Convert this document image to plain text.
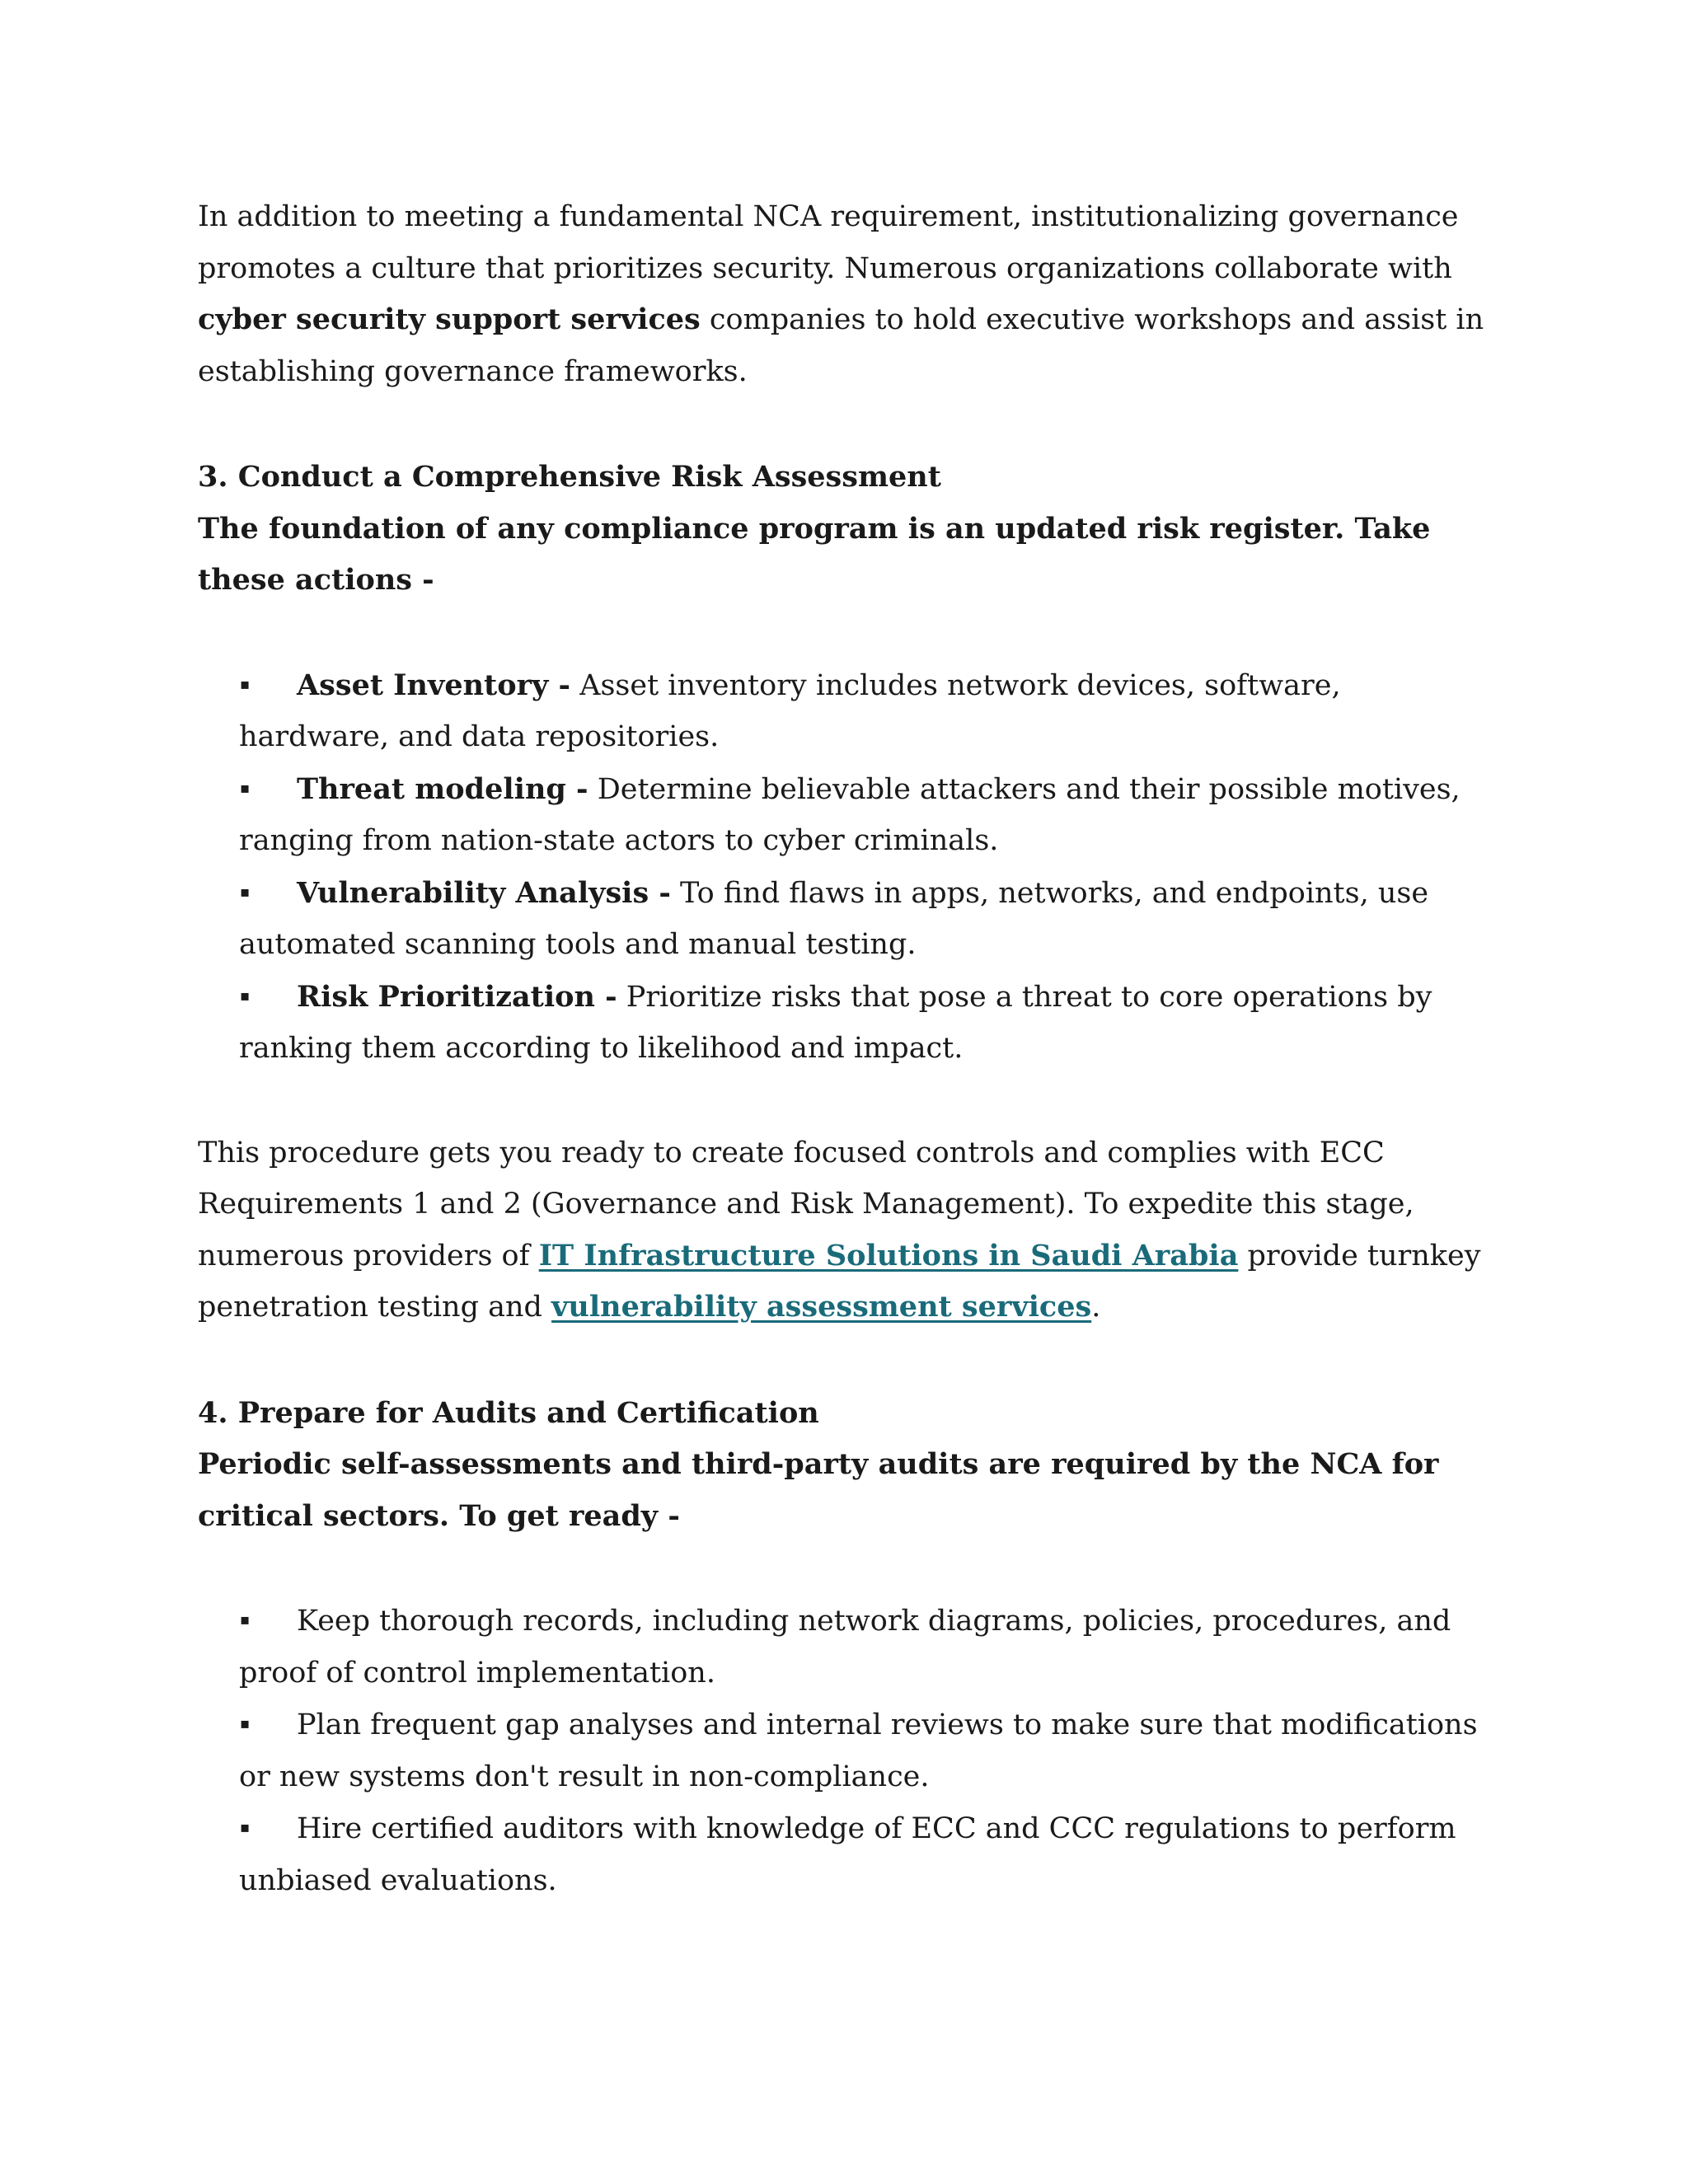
In addition to meeting a fundamental NCA requirement, institutionalizing governance promotes a culture that prioritizes security. Numerous organizations collaborate with cyber security support services companies to hold executive workshops and assist in establishing governance frameworks.

3. Conduct a Comprehensive Risk Assessment

The foundation of any compliance program is an updated risk register. Take these actions -

▪ Asset Inventory - Asset inventory includes network devices, software, hardware, and data repositories.
▪ Threat modeling - Determine believable attackers and their possible motives, ranging from nation-state actors to cyber criminals.
▪ Vulnerability Analysis - To find flaws in apps, networks, and endpoints, use automated scanning tools and manual testing.
▪ Risk Prioritization - Prioritize risks that pose a threat to core operations by ranking them according to likelihood and impact.

This procedure gets you ready to create focused controls and complies with ECC Requirements 1 and 2 (Governance and Risk Management). To expedite this stage, numerous providers of IT Infrastructure Solutions in Saudi Arabia provide turnkey penetration testing and vulnerability assessment services.

4. Prepare for Audits and Certification

Periodic self-assessments and third-party audits are required by the NCA for critical sectors. To get ready -

▪ Keep thorough records, including network diagrams, policies, procedures, and proof of control implementation.
▪ Plan frequent gap analyses and internal reviews to make sure that modifications or new systems don't result in non-compliance.
▪ Hire certified auditors with knowledge of ECC and CCC regulations to perform unbiased evaluations.
